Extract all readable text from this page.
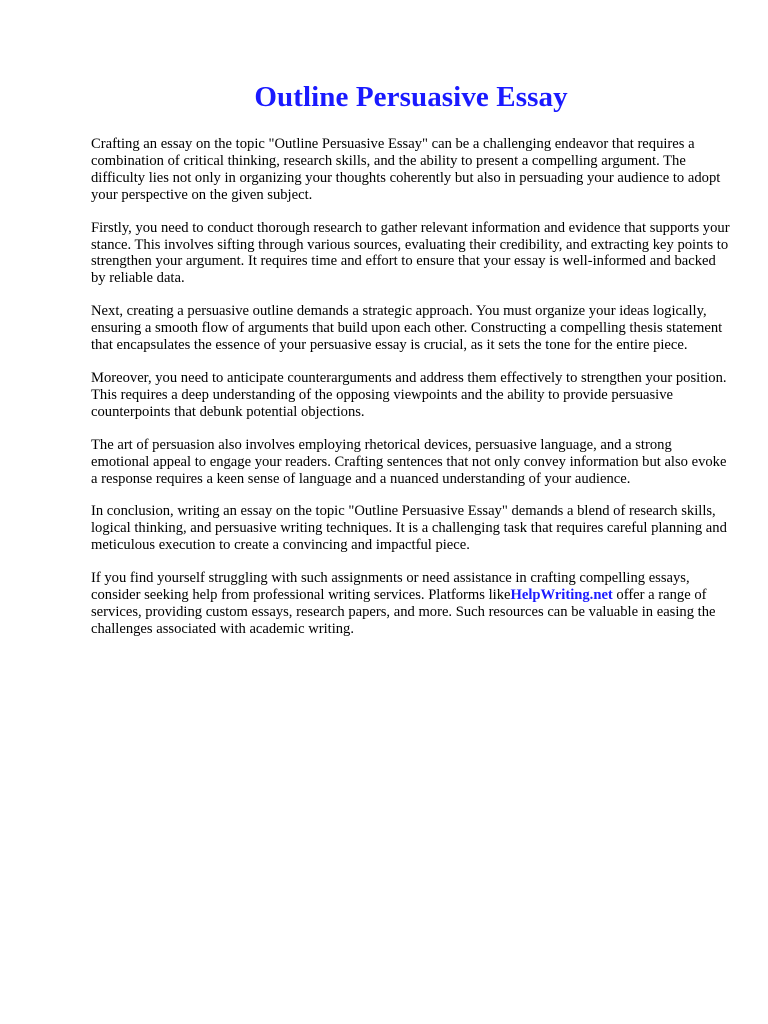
Outline Persuasive Essay

Crafting an essay on the topic "Outline Persuasive Essay" can be a challenging endeavor that requires a combination of critical thinking, research skills, and the ability to present a compelling argument. The difficulty lies not only in organizing your thoughts coherently but also in persuading your audience to adopt your perspective on the given subject.

Firstly, you need to conduct thorough research to gather relevant information and evidence that supports your stance. This involves sifting through various sources, evaluating their credibility, and extracting key points to strengthen your argument. It requires time and effort to ensure that your essay is well-informed and backed by reliable data.

Next, creating a persuasive outline demands a strategic approach. You must organize your ideas logically, ensuring a smooth flow of arguments that build upon each other. Constructing a compelling thesis statement that encapsulates the essence of your persuasive essay is crucial, as it sets the tone for the entire piece.

Moreover, you need to anticipate counterarguments and address them effectively to strengthen your position. This requires a deep understanding of the opposing viewpoints and the ability to provide persuasive counterpoints that debunk potential objections.

The art of persuasion also involves employing rhetorical devices, persuasive language, and a strong emotional appeal to engage your readers. Crafting sentences that not only convey information but also evoke a response requires a keen sense of language and a nuanced understanding of your audience.

In conclusion, writing an essay on the topic "Outline Persuasive Essay" demands a blend of research skills, logical thinking, and persuasive writing techniques. It is a challenging task that requires careful planning and meticulous execution to create a convincing and impactful piece.

If you find yourself struggling with such assignments or need assistance in crafting compelling essays, consider seeking help from professional writing services. Platforms likeHelpWriting.net offer a range of services, providing custom essays, research papers, and more. Such resources can be valuable in easing the challenges associated with academic writing.
